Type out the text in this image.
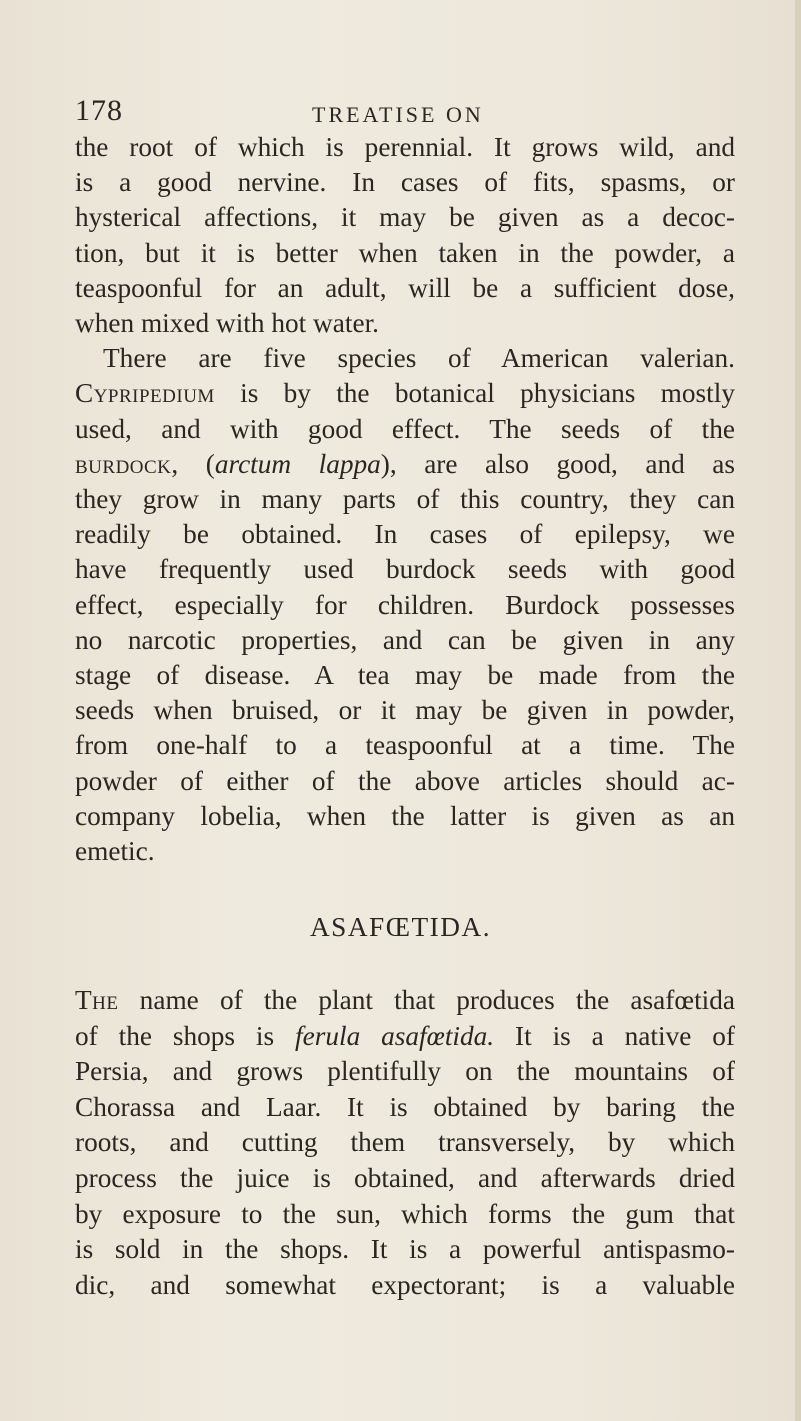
178	TREATISE ON
the root of which is perennial. It grows wild, and
is a good nervine. In cases of fits, spasms, or
hysterical affections, it may be given as a decoc-
tion, but it is better when taken in the powder, a
teaspoonful for an adult, will be a sufficient dose,
when mixed with hot water.
There are five species of American valerian.
Cypripedium is by the botanical physicians mostly
used, and with good effect. The seeds of the
burdock, (arctum lappa), are also good, and as
they grow in many parts of this country, they can
readily be obtained. In cases of epilepsy, we
have frequently used burdock seeds with good
effect, especially for children. Burdock possesses
no narcotic properties, and can be given in any
stage of disease. A tea may be made from the
seeds when bruised, or it may be given in powder,
from one-half to a teaspoonful at a time. The
powder of either of the above articles should ac-
company lobelia, when the latter is given as an
emetic.
ASAFŒTIDA.
The name of the plant that produces the asafœtida
of the shops is ferula asafœtida. It is a native of
Persia, and grows plentifully on the mountains of
Chorassa and Laar. It is obtained by baring the
roots, and cutting them transversely, by which
process the juice is obtained, and afterwards dried
by exposure to the sun, which forms the gum that
is sold in the shops. It is a powerful antispasmo-
dic, and somewhat expectorant; is a valuable
